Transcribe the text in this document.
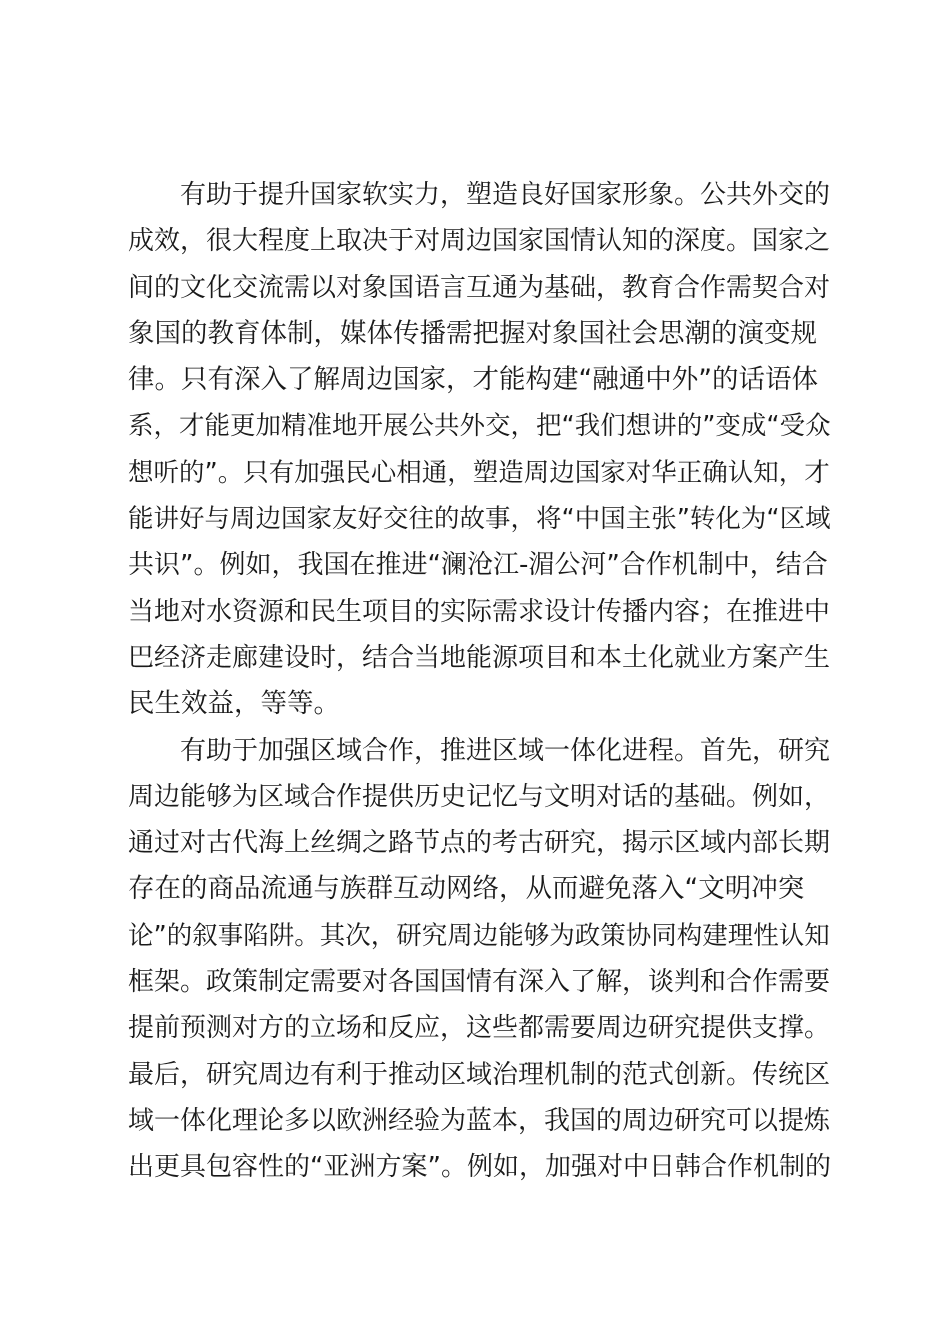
有助于提升国家软实力，塑造良好国家形象。公共外交的
成效，很大程度上取决于对周边国家国情认知的深度。国家之
间的文化交流需以对象国语言互通为基础，教育合作需契合对
象国的教育体制，媒体传播需把握对象国社会思潮的演变规
律。只有深入了解周边国家，才能构建“融通中外”的话语体
系，才能更加精准地开展公共外交，把“我们想讲的”变成“受众
想听的”。只有加强民心相通，塑造周边国家对华正确认知，才
能讲好与周边国家友好交往的故事，将“中国主张”转化为“区域
共识”。例如，我国在推进“澜沧江-湄公河”合作机制中，结合
当地对水资源和民生项目的实际需求设计传播内容；在推进中
巴经济走廊建设时，结合当地能源项目和本土化就业方案产生
民生效益，等等。
有助于加强区域合作，推进区域一体化进程。首先，研究
周边能够为区域合作提供历史记忆与文明对话的基础。例如，
通过对古代海上丝绸之路节点的考古研究，揭示区域内部长期
存在的商品流通与族群互动网络，从而避免落入“文明冲突
论”的叙事陷阱。其次，研究周边能够为政策协同构建理性认知
框架。政策制定需要对各国国情有深入了解，谈判和合作需要
提前预测对方的立场和反应，这些都需要周边研究提供支撑。
最后，研究周边有利于推动区域治理机制的范式创新。传统区
域一体化理论多以欧洲经验为蓝本，我国的周边研究可以提炼
出更具包容性的“亚洲方案”。例如，加强对中日韩合作机制的
